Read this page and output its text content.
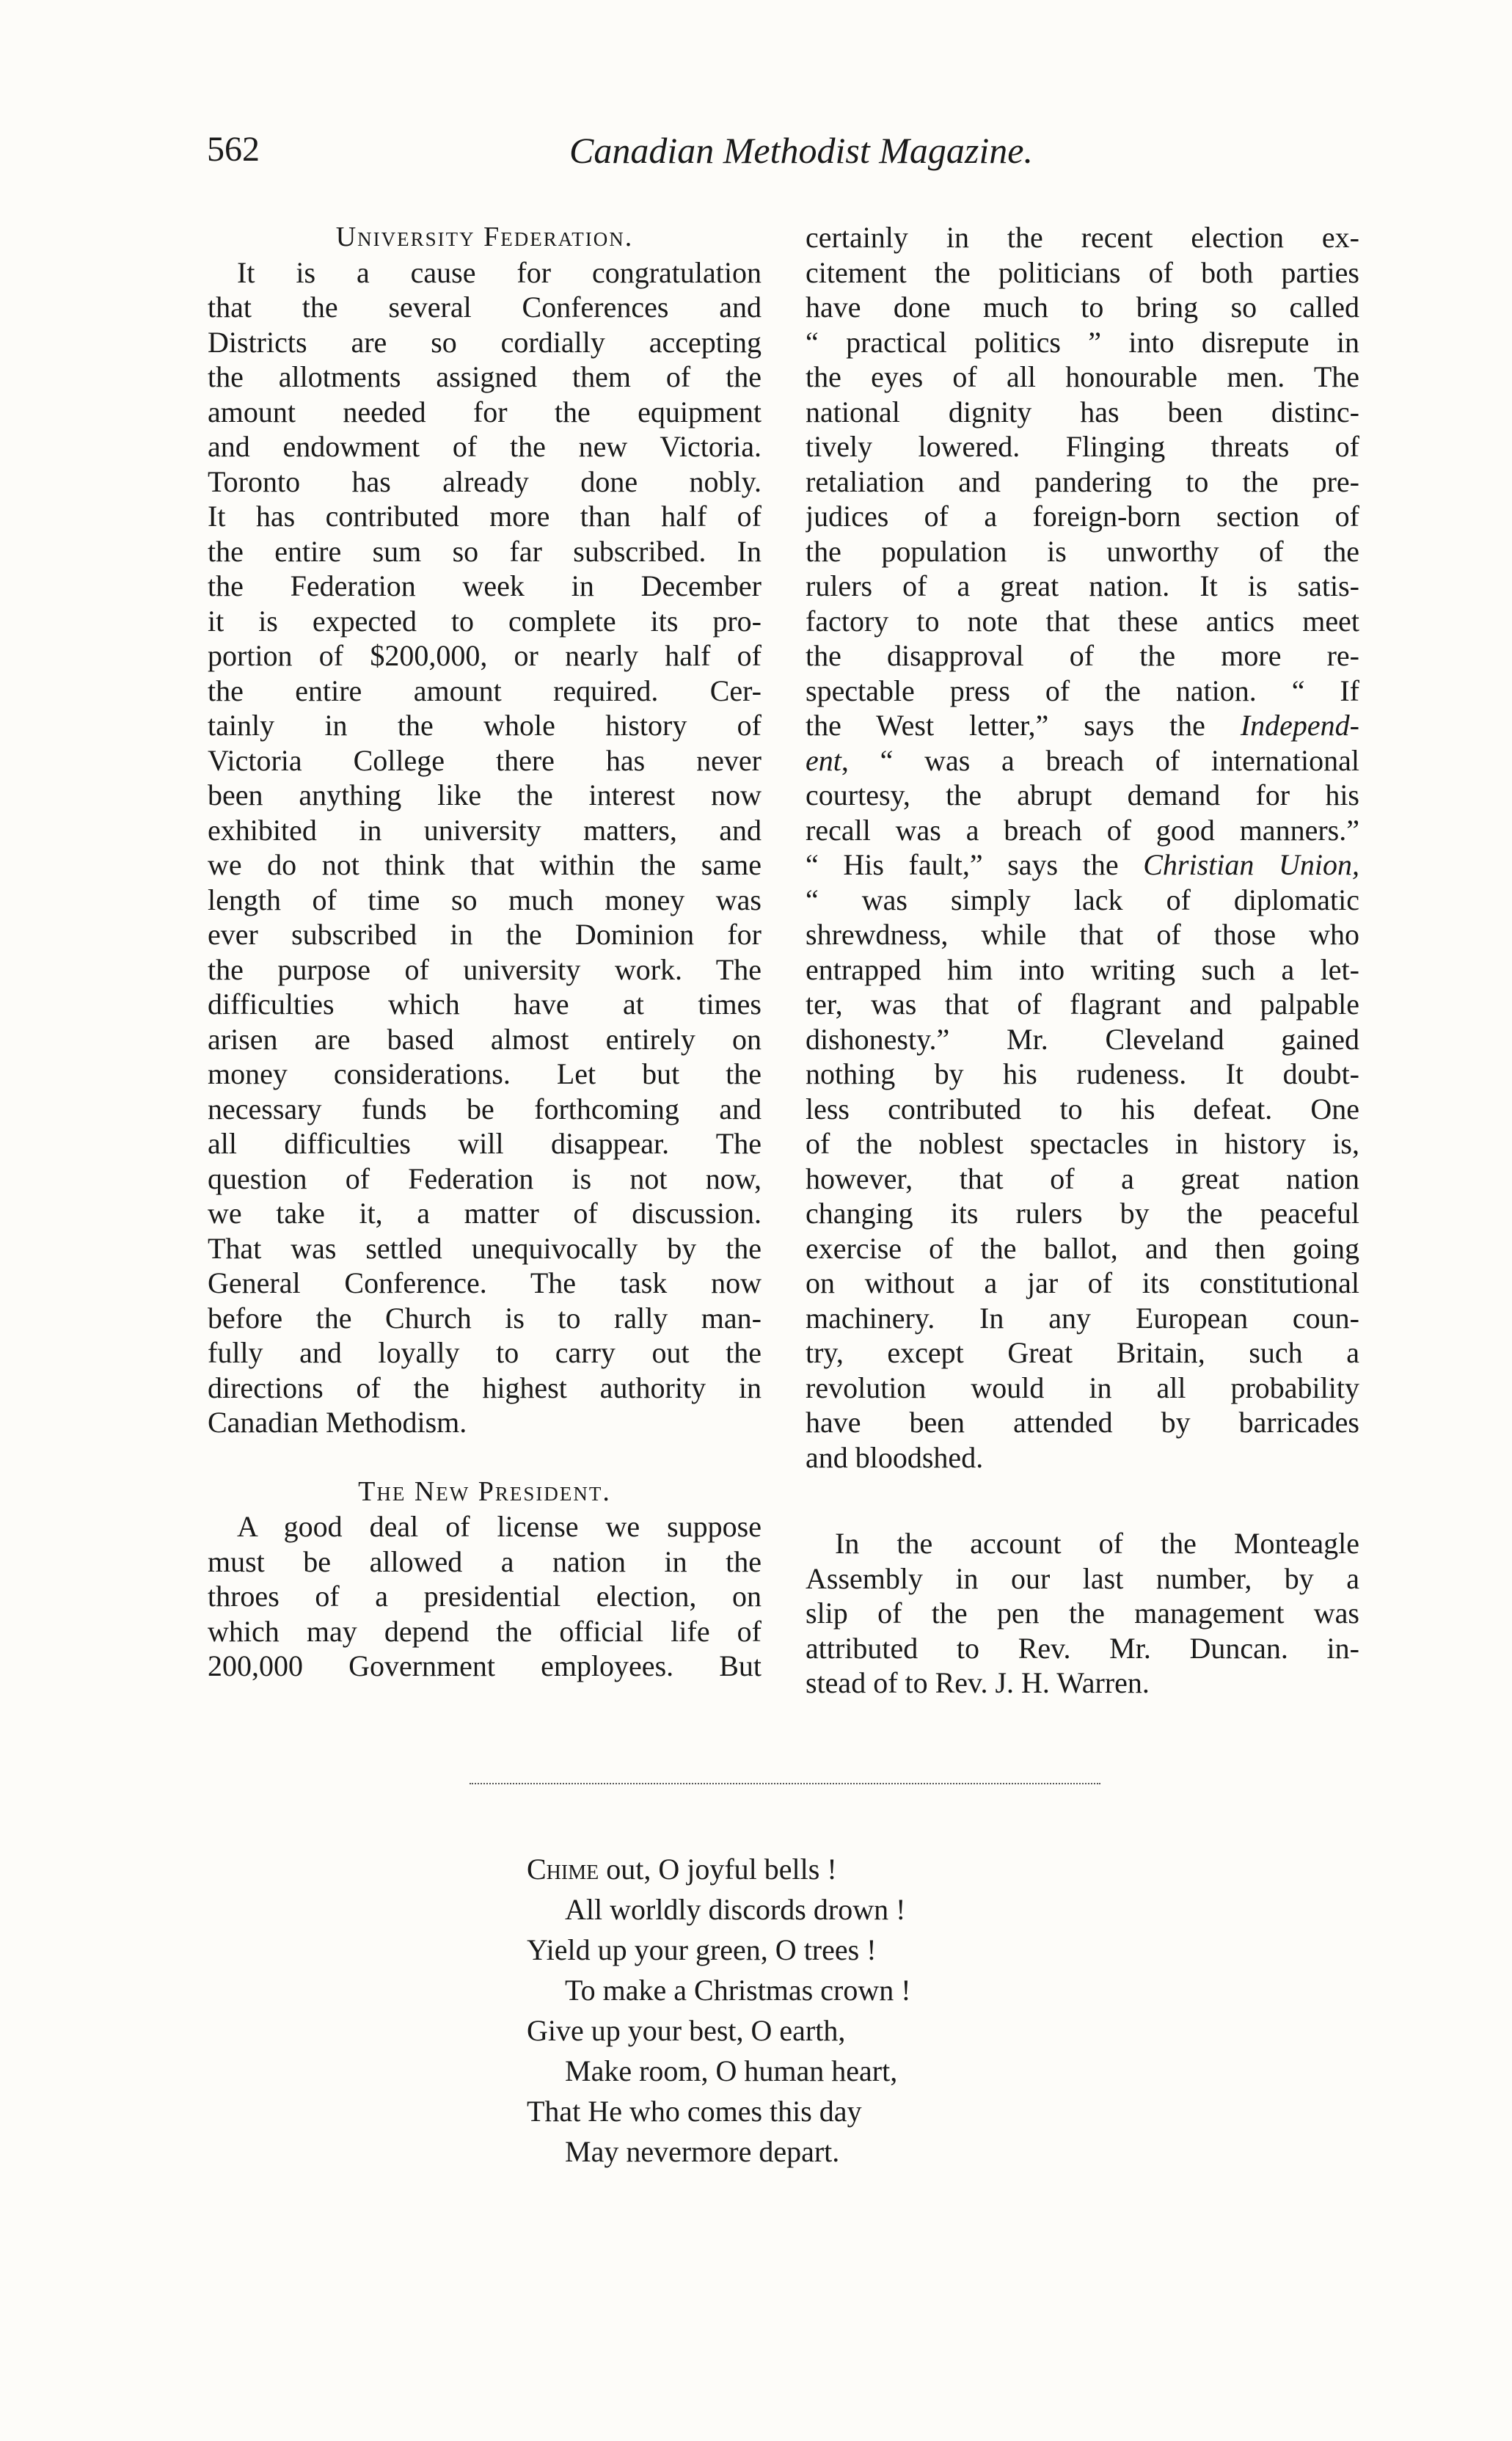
562	Canadian Methodist Magazine.
University Federation.
It is a cause for congratulation
that the several Conferences and
Districts are so cordially accepting
the allotments assigned them of the
amount needed for the equipment
and endowment of the new Victoria.
Toronto has already done nobly.
It has contributed more than half of
the entire sum so far subscribed. In
the Federation week in December
it is expected to complete its pro-
portion of $200,000, or nearly half of
the entire amount required. Cer-
tainly in the whole history of
Victoria College there has never
been anything like the interest now
exhibited in university matters, and
we do not think that within the same
length of time so much money was
ever subscribed in the Dominion for
the purpose of university work. The
difficulties which have at times
arisen are based almost entirely on
money considerations. Let but the
necessary funds be forthcoming and
all difficulties will disappear. The
question of Federation is not now,
we take it, a matter of discussion.
That was settled unequivocally by the
General Conference. The task now
before the Church is to rally man-
fully and loyally to carry out the
directions of the highest authority in
Canadian Methodism.
The New President.
A good deal of license we suppose
must be allowed a nation in the
throes of a presidential election, on
which may depend the official life of
200,000 Government employees. But
certainly in the recent election ex-
citement the politicians of both parties
have done much to bring so called
“ practical politics ” into disrepute in
the eyes of all honourable men. The
national dignity has been distinc-
tively lowered. Flinging threats of
retaliation and pandering to the pre-
judices of a foreign-born section of
the population is unworthy of the
rulers of a great nation. It is satis-
factory to note that these antics meet
the disapproval of the more re-
spectable press of the nation. “ If
the West letter,” says the Independ-
ent, “ was a breach of international
courtesy, the abrupt demand for his
recall was a breach of good manners.”
“ His fault,” says the Christian Union,
“ was simply lack of diplomatic
shrewdness, while that of those who
entrapped him into writing such a let-
ter, was that of flagrant and palpable
dishonesty.” Mr. Cleveland gained
nothing by his rudeness. It doubt-
less contributed to his defeat. One
of the noblest spectacles in history is,
however, that of a great nation
changing its rulers by the peaceful
exercise of the ballot, and then going
on without a jar of its constitutional
machinery. In any European coun-
try, except Great Britain, such a
revolution would in all probability
have been attended by barricades
and bloodshed.
In the account of the Monteagle
Assembly in our last number, by a
slip of the pen the management was
attributed to Rev. Mr. Duncan. in-
stead of to Rev. J. H. Warren.
Chime out, O joyful bells !
All worldly discords drown !
Yield up your green, O trees !
To make a Christmas crown !
Give up your best, O earth,
Make room, O human heart,
That He who comes this day
May nevermore depart.
